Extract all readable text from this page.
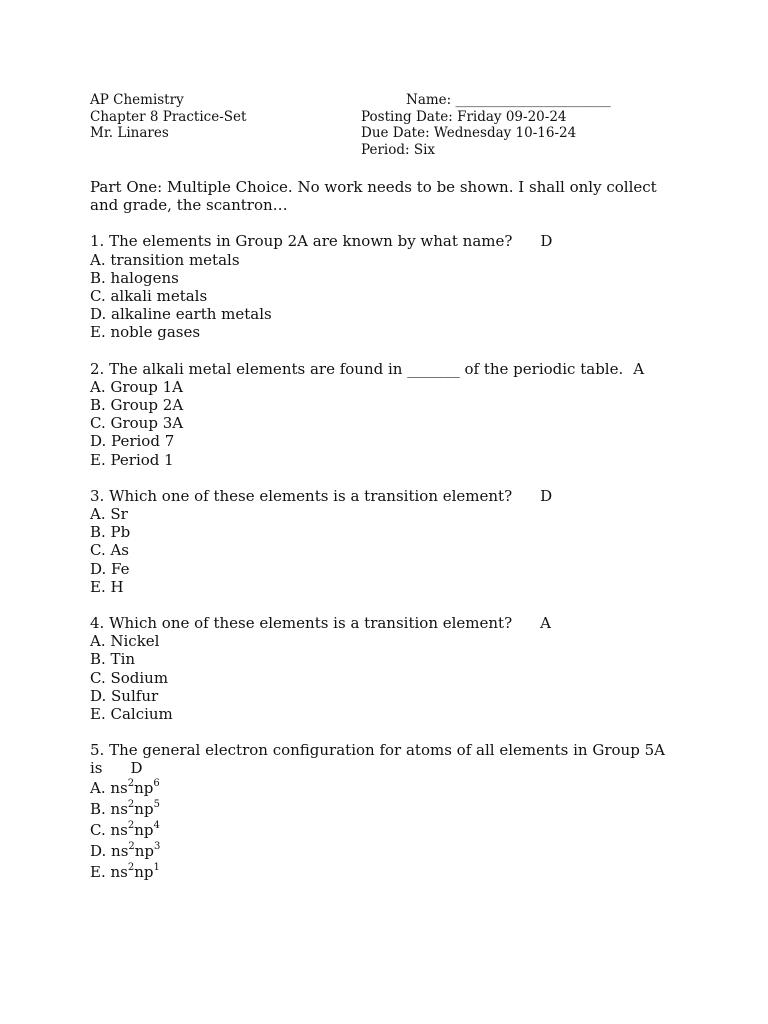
AP Chemistry
Chapter 8 Practice-Set
Mr. Linares
Name: _______________________
Posting Date: Friday 09-20-24
Due Date: Wednesday 10-16-24
Period: Six
Part One: Multiple Choice. No work needs to be shown. I shall only collect and grade, the scantron…
1. The elements in Group 2A are known by what name? D
A. transition metals
B. halogens
C. alkali metals
D. alkaline earth metals
E. noble gases
2. The alkali metal elements are found in _______ of the periodic table. A
A. Group 1A
B. Group 2A
C. Group 3A
D. Period 7
E. Period 1
3. Which one of these elements is a transition element? D
A. Sr
B. Pb
C. As
D. Fe
E. H
4. Which one of these elements is a transition element? A
A. Nickel
B. Tin
C. Sodium
D. Sulfur
E. Calcium
5. The general electron configuration for atoms of all elements in Group 5A
is D
A. $ns^2np^6$
B. $ns^2np^5$
C. $ns^2np^4$
D. $ns^2np^3$
E. $ns^2np^1$
